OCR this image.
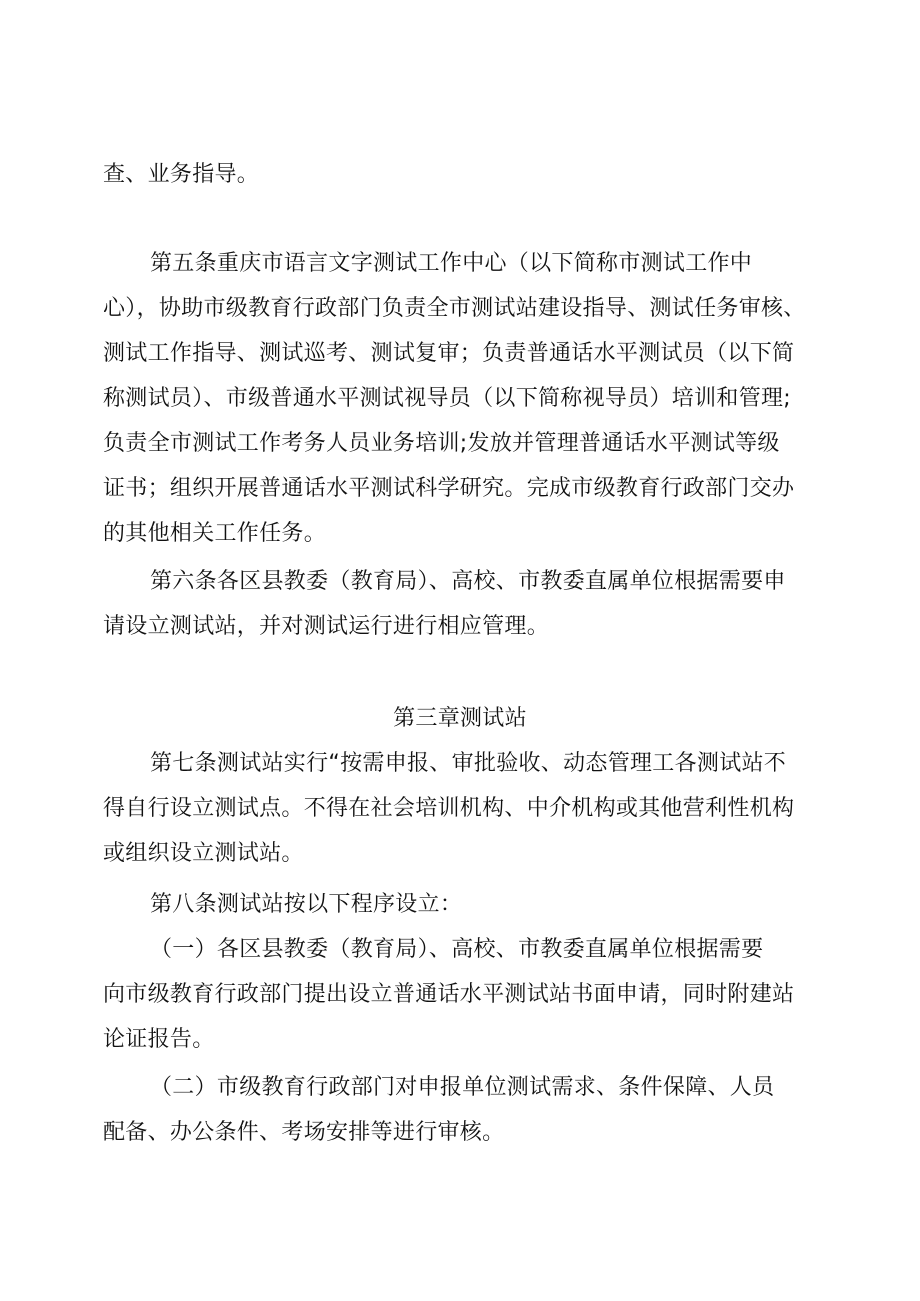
查、业务指导。
第五条重庆市语言文字测试工作中心（以下简称市测试工作中
心），协助市级教育行政部门负责全市测试站建设指导、测试任务审核、
测试工作指导、测试巡考、测试复审；负责普通话水平测试员（以下简
称测试员）、市级普通水平测试视导员（以下简称视导员）培训和管理;
负责全市测试工作考务人员业务培训;发放并管理普通话水平测试等级
证书；组织开展普通话水平测试科学研究。完成市级教育行政部门交办
的其他相关工作任务。
第六条各区县教委（教育局）、高校、市教委直属单位根据需要申
请设立测试站，并对测试运行进行相应管理。
第三章测试站
第七条测试站实行“按需申报、审批验收、动态管理工各测试站不
得自行设立测试点。不得在社会培训机构、中介机构或其他营利性机构
或组织设立测试站。
第八条测试站按以下程序设立：
（一）各区县教委（教育局）、高校、市教委直属单位根据需要
向市级教育行政部门提出设立普通话水平测试站书面申请，同时附建站
论证报告。
（二）市级教育行政部门对申报单位测试需求、条件保障、人员
配备、办公条件、考场安排等进行审核。
